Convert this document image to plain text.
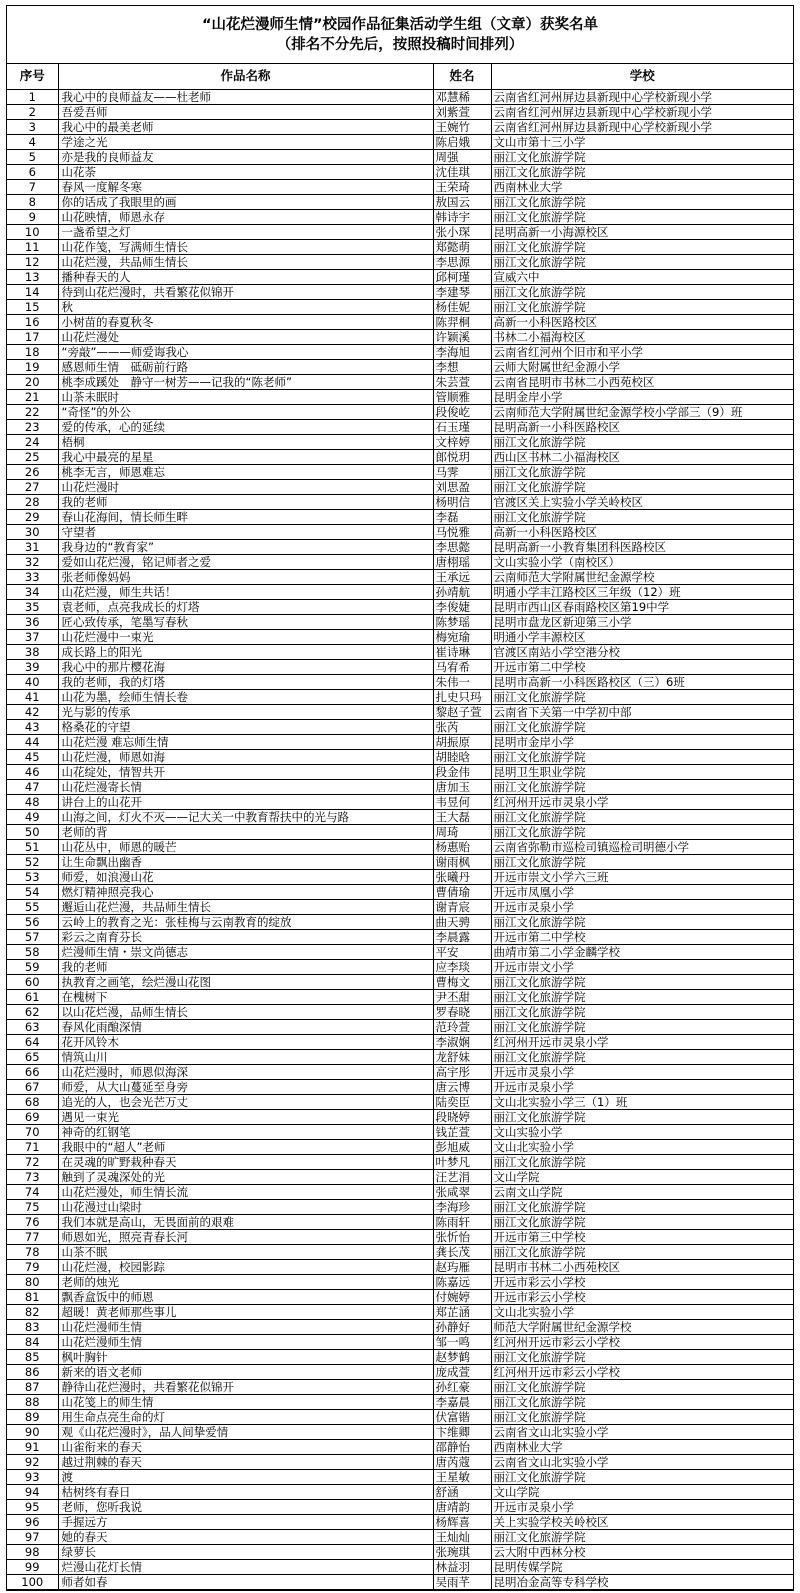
“山花烂漫师生情”校园作品征集活动学生组（文章）获奖名单
（排名不分先后，按照投稿时间排列）
序号	作品名称	姓名	学校
1	我心中的良师益友——杜老师	邓慧稀	云南省红河州屏边县新现中心学校新现小学
2	吾爱吾师	刘紫萱	云南省红河州屏边县新现中心学校新现小学
3	我心中的最美老师	王婉竹	云南省红河州屏边县新现中心学校新现小学
4	学途之光	陈启娥	文山市第十三小学
5	亦是我的良师益友	周强	丽江文化旅游学院
6	山花荼	沈佳琪	丽江文化旅游学院
7	春风一度解冬寒	王荣琦	西南林业大学
8	你的话成了我眼里的画	敖国云	丽江文化旅游学院
9	山花映情，师恩永存	韩诗宇	丽江文化旅游学院
10	一盏希望之灯	张小琛	昆明高新一小海源校区
11	山花作笺，写满师生情长	郑懿萌	丽江文化旅游学院
12	山花烂漫，共品师生情长	李思源	丽江文化旅游学院
13	播种春天的人	邱柯瑾	宣威六中
14	待到山花烂漫时，共看繁花似锦开	李建琴	丽江文化旅游学院
15	秋	杨佳妮	丽江文化旅游学院
16	小树苗的春夏秋冬	陈羿桐	高新一小科医路校区
17	山花烂漫处	许颖溪	书林二小福海校区
18	“旁敲”———师爱诲我心	李海旭	云南省红河州个旧市和平小学
19	感恩师生情　砥砺前行路	李想	云师大附属世纪金源小学
20	桃李成蹊处　静守一树芳——记我的“陈老师”	朱芸萱	云南省昆明市书林二小西苑校区
21	山茶未眠时	管顺雅	昆明金岸小学
22	“奇怪”的外公	段俊屹	云南师范大学附属世纪金源学校小学部三（9）班
23	爱的传承，心的延续	石玉瑾	昆明高新一小科医路校区
24	梧桐	文梓婷	丽江文化旅游学院
25	我心中最亮的星星	郎悦玥	西山区书林二小福海校区
26	桃李无言，师恩难忘	马霁	丽江文化旅游学院
27	山花烂漫时	刘思盈	丽江文化旅游学院
28	我的老师	杨明信	官渡区关上实验小学关岭校区
29	春山花海间，情长师生畔	李磊	丽江文化旅游学院
30	守望者	马悦雅	高新一小科医路校区
31	我身边的“教育家”	李思懿	昆明高新一小教育集团科医路校区
32	爱如山花烂漫，铭记师者之爱	唐栩瑶	文山实验小学（南校区）
33	张老师像妈妈	王承远	云南师范大学附属世纪金源学校
34	山花烂漫，师生共话！	孙靖航	明通小学丰江路校区三年级（12）班
35	袁老师，点亮我成长的灯塔	李俊婕	昆明市西山区春雨路校区第19中学
36	匠心致传承，笔墨写春秋	陈梦瑶	昆明市盘龙区新迎第三小学
37	山花烂漫中一束光	梅宛瑜	明通小学丰源校区
38	成长路上的阳光	崔诗琳	官渡区南站小学空港分校
39	我心中的那片樱花海	马宥希	开远市第二中学校
40	我的老师，我的灯塔	朱伟一	昆明市高新一小科医路校区（三）6班
41	山花为墨，绘师生情长卷	扎史只玛	丽江文化旅游学院
42	光与影的传承	黎赵子萱	云南省下关第一中学初中部
43	格桑花的守望	张芮	丽江文化旅游学院
44	山花烂漫 难忘师生情	胡振原	昆明市金岸小学
45	山花烂漫，师恩如海	胡睦晗	丽江文化旅游学院
46	山花绽处，情智共开	段金伟	昆明卫生职业学院
47	山花烂漫寄长情	唐加玉	丽江文化旅游学院
48	讲台上的山花开	韦昱何	红河州开远市灵泉小学
49	山海之间，灯火不灭——记大关一中教育帮扶中的光与路	王大磊	丽江文化旅游学院
50	老师的背	周琦	丽江文化旅游学院
51	山花丛中，师恩的暖芒	杨惠贻	云南省弥勒市巡检司镇巡检司明德小学
52	让生命飘出幽香	谢雨枫	丽江文化旅游学院
53	师爱，如浪漫山花	张曦丹	开远市崇文小学六三班
54	燃灯精神照亮我心	曹倩瑜	开远市凤凰小学
55	邂逅山花烂漫，共品师生情长	谢青宸	开远市灵泉小学
56	云岭上的教育之光：张桂梅与云南教育的绽放	曲天骋	丽江文化旅游学院
57	彩云之南育芬长	李晨露	开远市第二中学校
58	烂漫师生情・崇文尚德志	平安	曲靖市第二小学金麟学校
59	我的老师	应李琰	开远市崇文小学
60	执教育之画笔，绘烂漫山花图	曹梅文	丽江文化旅游学院
61	在槐树下	尹丕甜	丽江文化旅游学院
62	以山花烂漫，品师生情长	罗春晓	丽江文化旅游学院
63	春风化雨酿深情	范玲萱	丽江文化旅游学院
64	花开风铃木	李淑娴	红河州开远市灵泉小学
65	情筑山川	龙舒妹	丽江文化旅游学院
66	山花烂漫时，师恩似海深	高宇彤	开远市灵泉小学
67	师爱，从大山蔓延至身旁	唐云博	开远市灵泉小学
68	追光的人，也会光芒万丈	陆奕臣	文山北实验小学三（1）班
69	遇见一束光	段晓婷	丽江文化旅游学院
70	神奇的红钢笔	钱芷萱	文山实验小学
71	我眼中的“超人”老师	彭旭威	文山北实验小学
72	在灵魂的旷野栽种春天	叶梦凡	丽江文化旅游学院
73	触到了灵魂深处的光	汪艺涓	文山学院
74	山花烂漫处，师生情长流	张咸翠	云南文山学院
75	山花漫过山梁时	李海珍	丽江文化旅游学院
76	我们本就是高山，无畏面前的艰难	陈雨轩	丽江文化旅游学院
77	师恩如光，照亮青春长河	张忻怡	开远市第三中学校
78	山茶不眠	龚长茂	丽江文化旅游学院
79	山花烂漫，校园影踪	赵玙雁	昆明市书林二小西苑校区
80	老师的烛光	陈嘉远	开远市彩云小学校
81	飘香盒饭中的师恩	付婉婷	开远市彩云小学校
82	超暖！黄老师那些事儿	郑芷涵	文山北实验小学
83	山花烂漫师生情	孙静好	师范大学附属世纪金源学校
84	山花烂漫师生情	邹一鸣	红河州开远市彩云小学校
85	枫叶胸针	赵梦鹤	丽江文化旅游学院
86	新来的语文老师	庞成萱	红河州开远市彩云小学校
87	静待山花烂漫时，共看繁花似锦开	孙红豪	丽江文化旅游学院
88	山花笺上的师生情	李嘉晨	丽江文化旅游学院
89	用生命点亮生命的灯	伏富锴	丽江文化旅游学院
90	观《山花烂漫时》，品人间挚爱情	卞维卿	云南省文山北实验小学
91	山雀衔来的春天	邵静怡	西南林业大学
92	越过荆棘的春天	唐芮蔻	云南省文山北实验小学
93	渡	王星敏	丽江文化旅游学院
94	枯树终有春日	舒涵	文山学院
95	老师，您听我说	唐靖韵	开远市灵泉小学
96	手握远方	杨辉喜	关上实验学校关岭校区
97	她的春天	王灿灿	丽江文化旅游学院
98	绿萝长	张琬琪	云大附中西林分校
99	烂漫山花灯长情	林益羽	昆明传媒学院
100	师者如春	吴雨芊	昆明冶金高等专科学校
